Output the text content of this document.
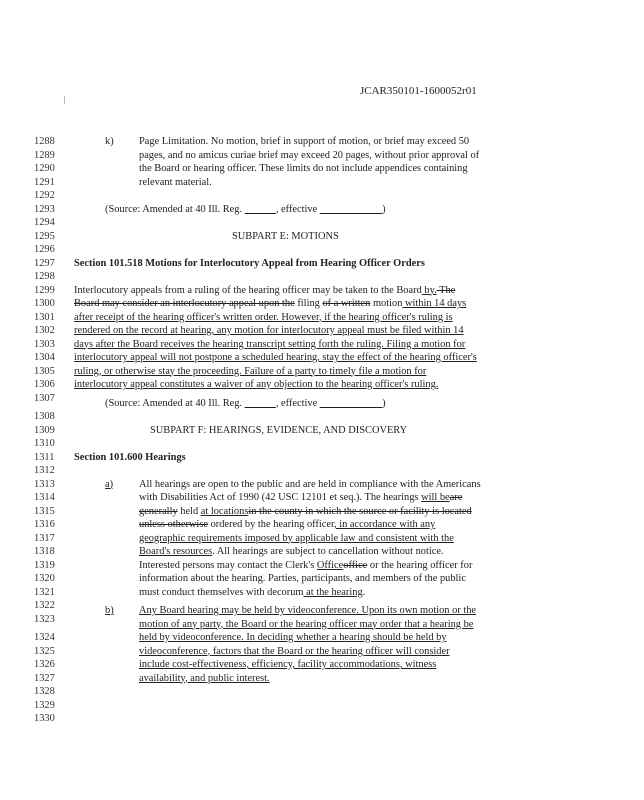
JCAR350101-1600052r01
1288
1289
1290
1291
1292
1293
1294
1295
1296
1297
1298
1299
1300
1301
1302
1303
1304
1305
1306
1307
1308
1309
1310
1311
1312
1313
1314
1315
1316
1317
1318
1319
1320
1321
1322
1323
1324
1325
1326
1327
1328
1329
1330
k) Page Limitation. No motion, brief in support of motion, or brief may exceed 50
pages, and no amicus curiae brief may exceed 20 pages, without prior approval of
the Board or hearing officer. These limits do not include appendices containing
relevant material.
(Source: Amended at 40 Ill. Reg. ______, effective ____________)
SUBPART E: MOTIONS
Section 101.518 Motions for Interlocutory Appeal from Hearing Officer Orders
Interlocutory appeals from a ruling of the hearing officer may be taken to the Board by. The
Board may consider an interlocutory appeal upon the filing of a written motion within 14 days
after receipt of the hearing officer's written order. However, if the hearing officer's ruling is
rendered on the record at hearing, any motion for interlocutory appeal must be filed within 14
days after the Board receives the hearing transcript setting forth the ruling. Filing a motion for
interlocutory appeal will not postpone a scheduled hearing, stay the effect of the hearing officer's
ruling, or otherwise stay the proceeding. Failure of a party to timely file a motion for
interlocutory appeal constitutes a waiver of any objection to the hearing officer's ruling.
(Source: Amended at 40 Ill. Reg. ______, effective ____________)
SUBPART F: HEARINGS, EVIDENCE, AND DISCOVERY
Section 101.600 Hearings
a) All hearings are open to the public and are held in compliance with the Americans
with Disabilities Act of 1990 (42 USC 12101 et seq.). The hearings will beare
generally held at locationsin the county in which the source or facility is located
unless otherwise ordered by the hearing officer, in accordance with any
geographic requirements imposed by applicable law and consistent with the
Board's resources. All hearings are subject to cancellation without notice.
Interested persons may contact the Clerk's Officeoffice or the hearing officer for
information about the hearing. Parties, participants, and members of the public
must conduct themselves with decorum at the hearing.
b) Any Board hearing may be held by videoconference. Upon its own motion or the
motion of any party, the Board or the hearing officer may order that a hearing be
held by videoconference. In deciding whether a hearing should be held by
videoconference, factors that the Board or the hearing officer will consider
include cost-effectiveness, efficiency, facility accommodations, witness
availability, and public interest.
